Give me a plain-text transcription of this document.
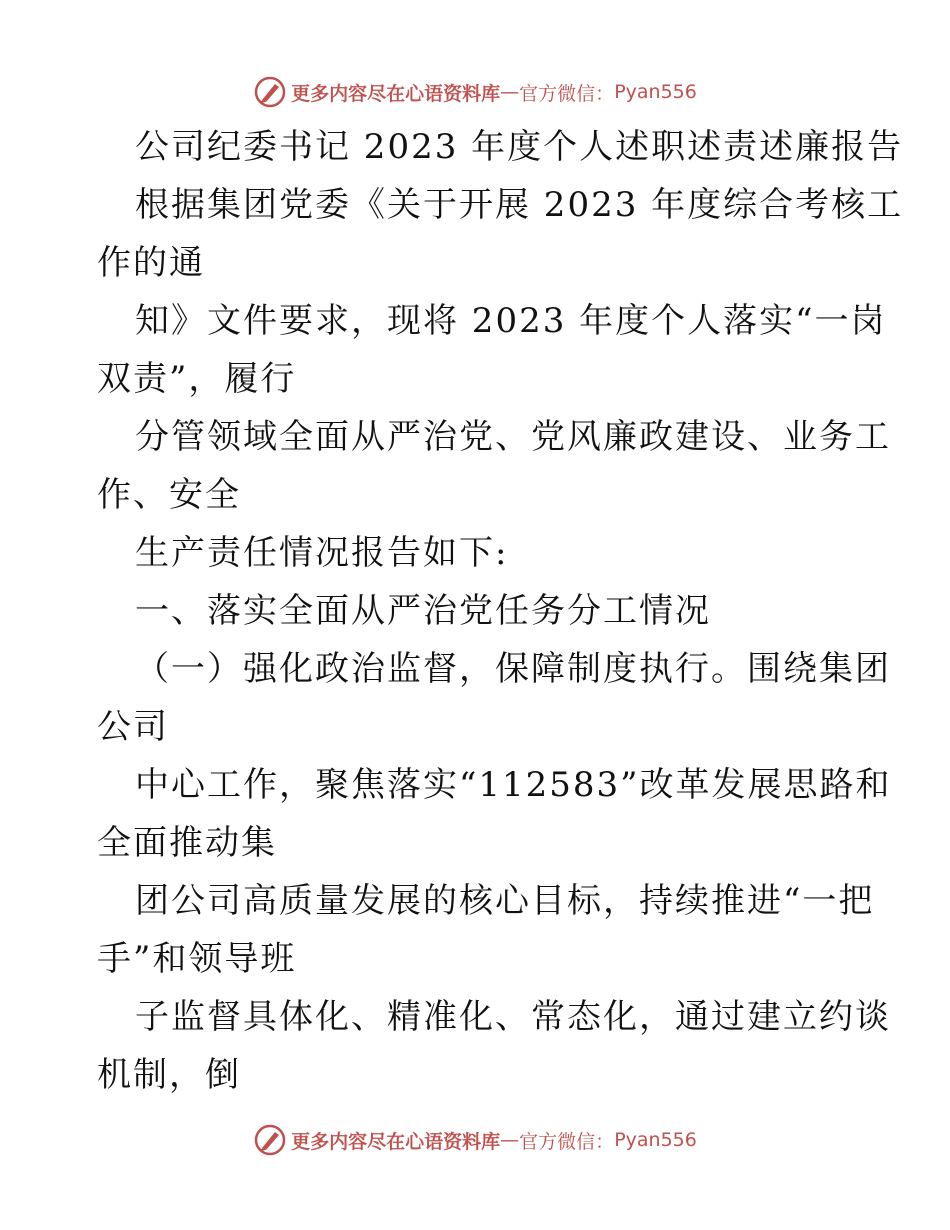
更多内容尽在心语资料库 — 官方微信： Pyan556
公司纪委书记 2023 年度个人述职述责述廉报告
根据集团党委《关于开展 2023 年度综合考核工
作的通
知》文件要求，现将 2023 年度个人落实“一岗
双责”，履行
分管领域全面从严治党、党风廉政建设、业务工
作、安全
生产责任情况报告如下:
一、落实全面从严治党任务分工情况
（一）强化政治监督，保障制度执行。围绕集团
公司
中心工作，聚焦落实“112583”改革发展思路和
全面推动集
团公司高质量发展的核心目标，持续推进“一把
手”和领导班
子监督具体化、精准化、常态化，通过建立约谈
机制，倒
更多内容尽在心语资料库 — 官方微信： Pyan556
